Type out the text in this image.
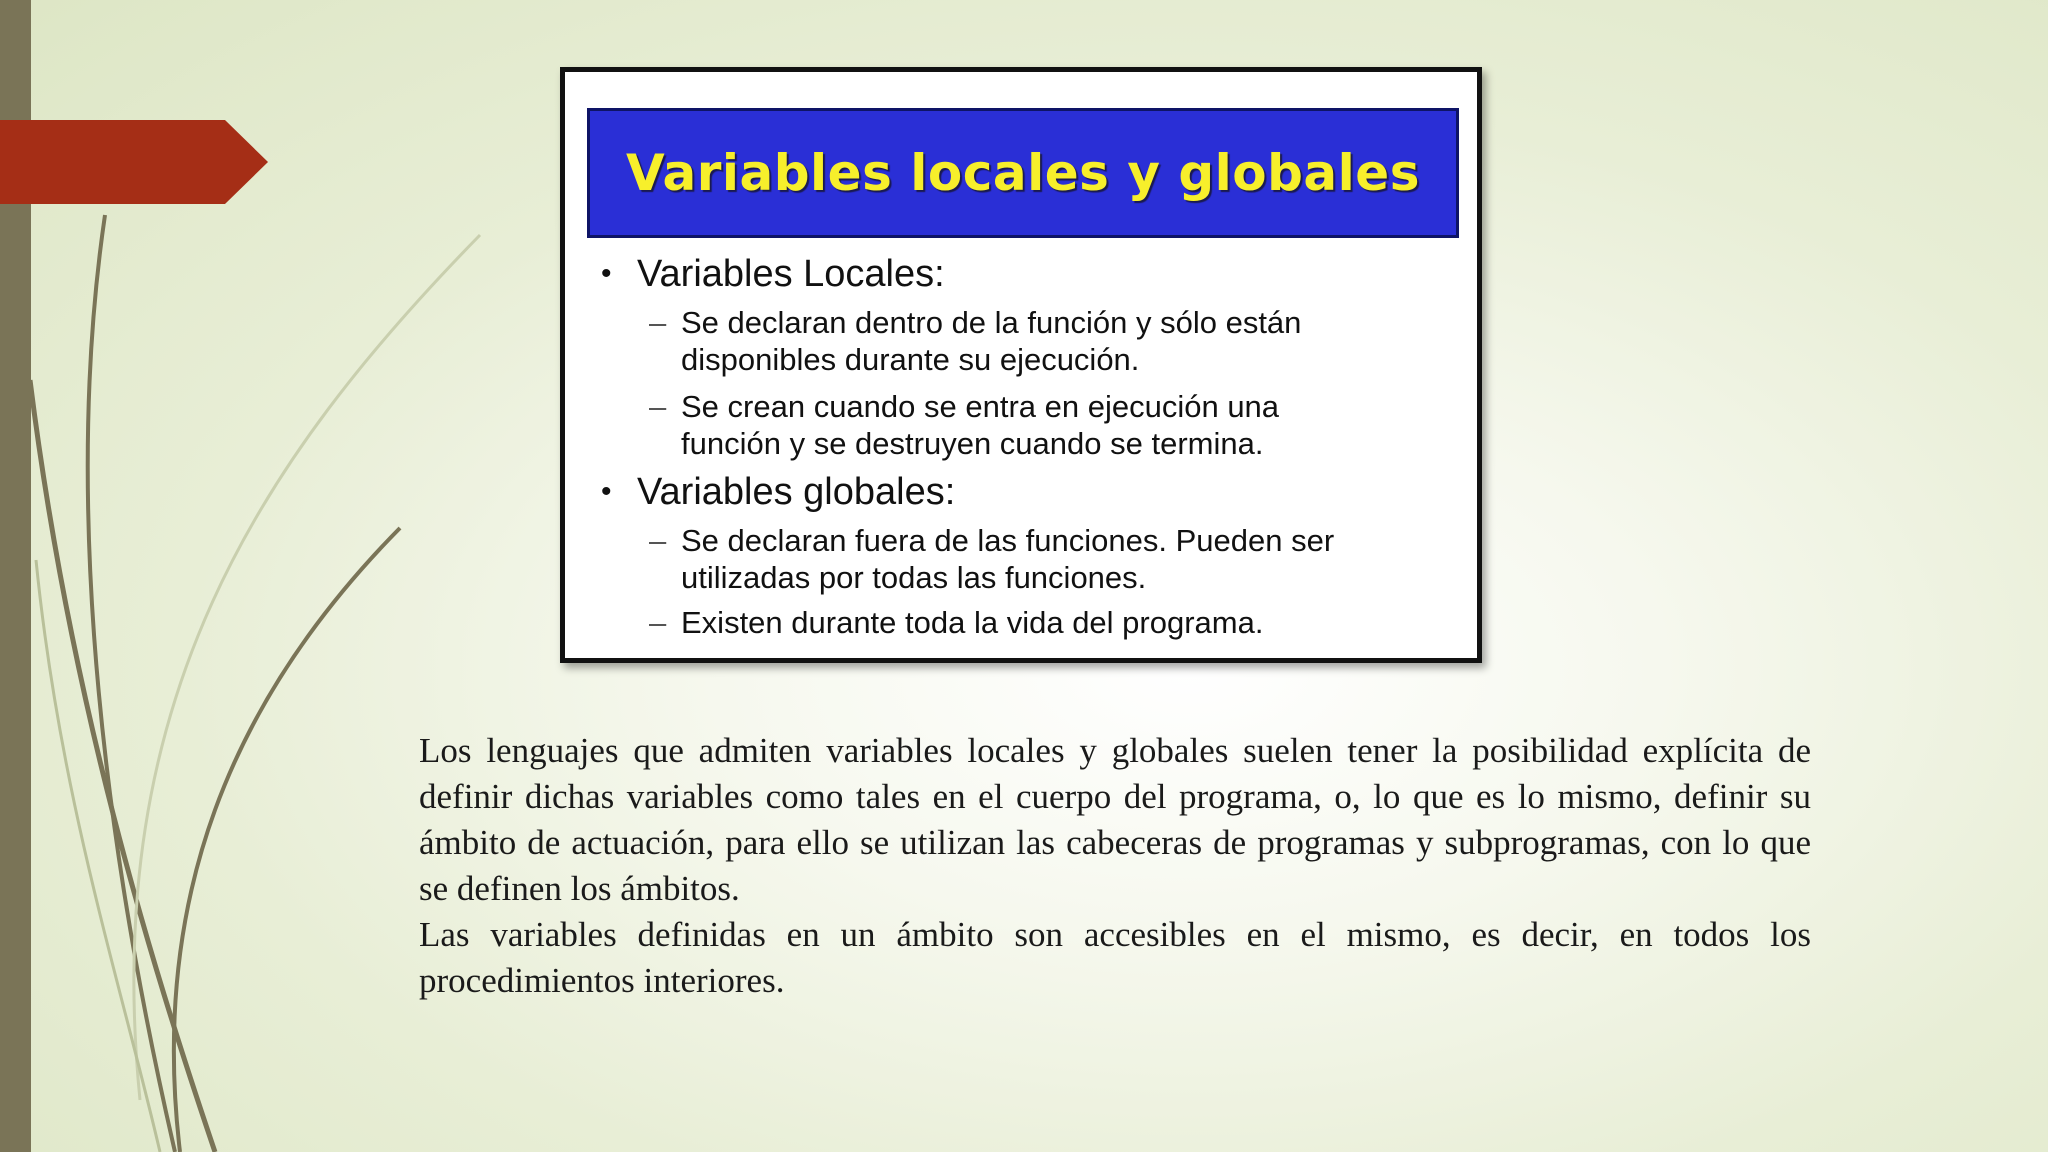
Variables locales y globales
• Variables Locales:
– Se declaran dentro de la función y sólo están
disponibles durante su ejecución.
– Se crean cuando se entra en ejecución una
función y se destruyen cuando se termina.
• Variables globales:
– Se declaran fuera de las funciones. Pueden ser
utilizadas por todas las funciones.
– Existen durante toda la vida del programa.

Los lenguajes que admiten variables locales y globales suelen tener la posibilidad explícita de definir dichas variables como tales en el cuerpo del programa, o, lo que es lo mismo, definir su ámbito de actuación, para ello se utilizan las cabeceras de programas y subprogramas, con lo que se definen los ámbitos.

Las variables definidas en un ámbito son accesibles en el mismo, es decir, en todos los procedimientos interiores.
